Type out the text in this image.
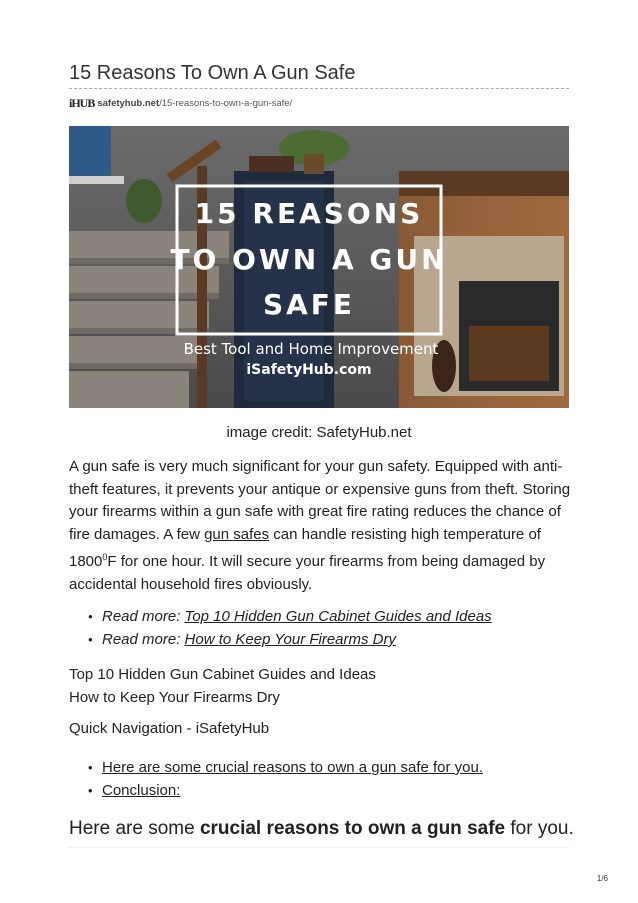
15 Reasons To Own A Gun Safe
iHUB safetyhub.net/15-reasons-to-own-a-gun-safe/
15 REASONS
TO OWN A GUN
SAFE
Best Tool and Home Improvement
iSafetyHub.com
image credit: SafetyHub.net

A gun safe is very much significant for your gun safety. Equipped with anti-theft features, it prevents your antique or expensive guns from theft. Storing your firearms within a gun safe with great fire rating reduces the chance of fire damages. A few gun safes can handle resisting high temperature of 1800$^0$F for one hour. It will secure your firearms from being damaged by accidental household fires obviously.

• Read more: Top 10 Hidden Gun Cabinet Guides and Ideas
• Read more: How to Keep Your Firearms Dry
Top 10 Hidden Gun Cabinet Guides and Ideas
How to Keep Your Firearms Dry
Quick Navigation - iSafetyHub
• Here are some crucial reasons to own a gun safe for you.
• Conclusion:
Here are some crucial reasons to own a gun safe for you.
1/6
